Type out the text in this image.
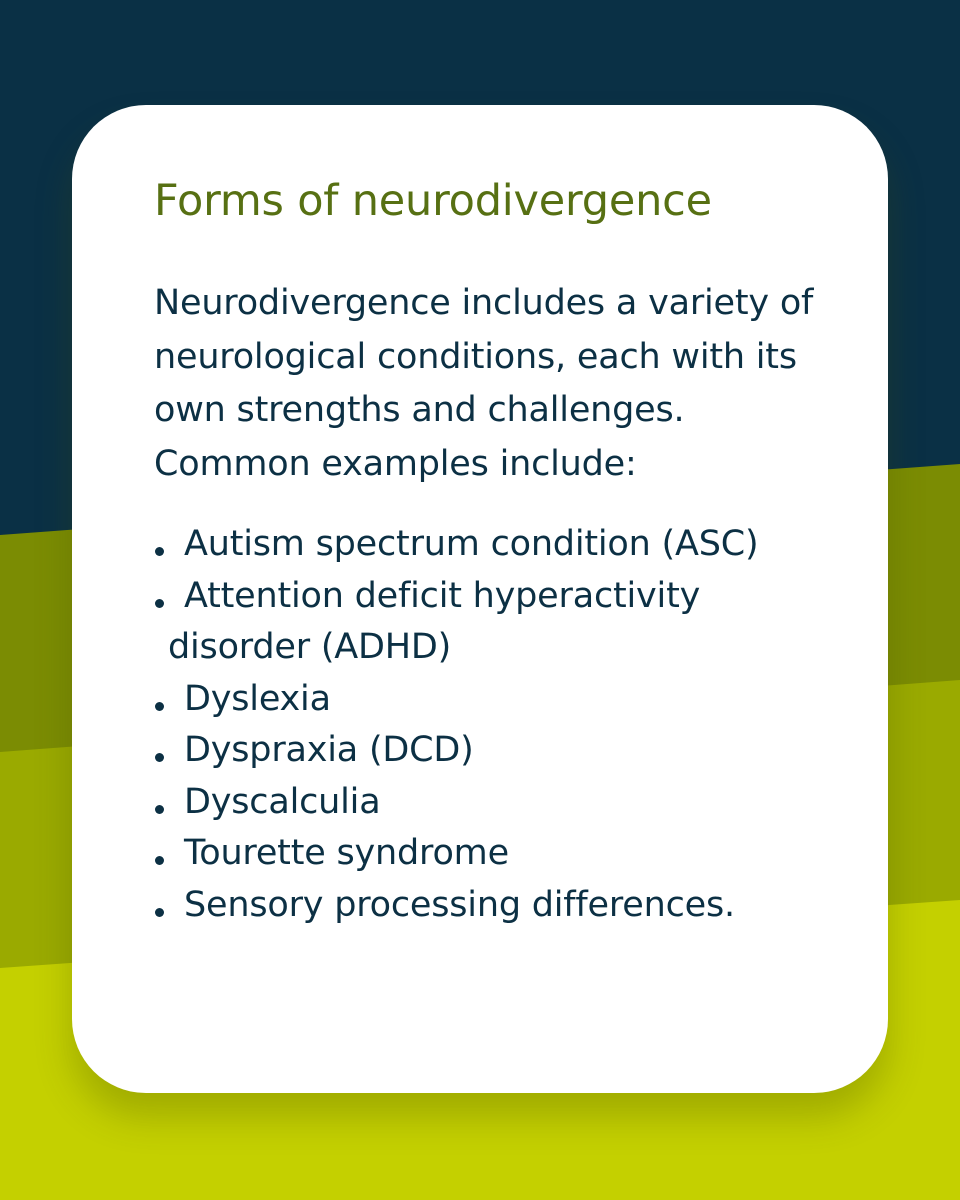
Forms of neurodivergence

Neurodivergence includes a variety of neurological conditions, each with its own strengths and challenges. Common examples include:

Autism spectrum condition (ASC)
Attention deficit hyperactivity
disorder (ADHD)
Dyslexia
Dyspraxia (DCD)
Dyscalculia
Tourette syndrome
Sensory processing differences.
